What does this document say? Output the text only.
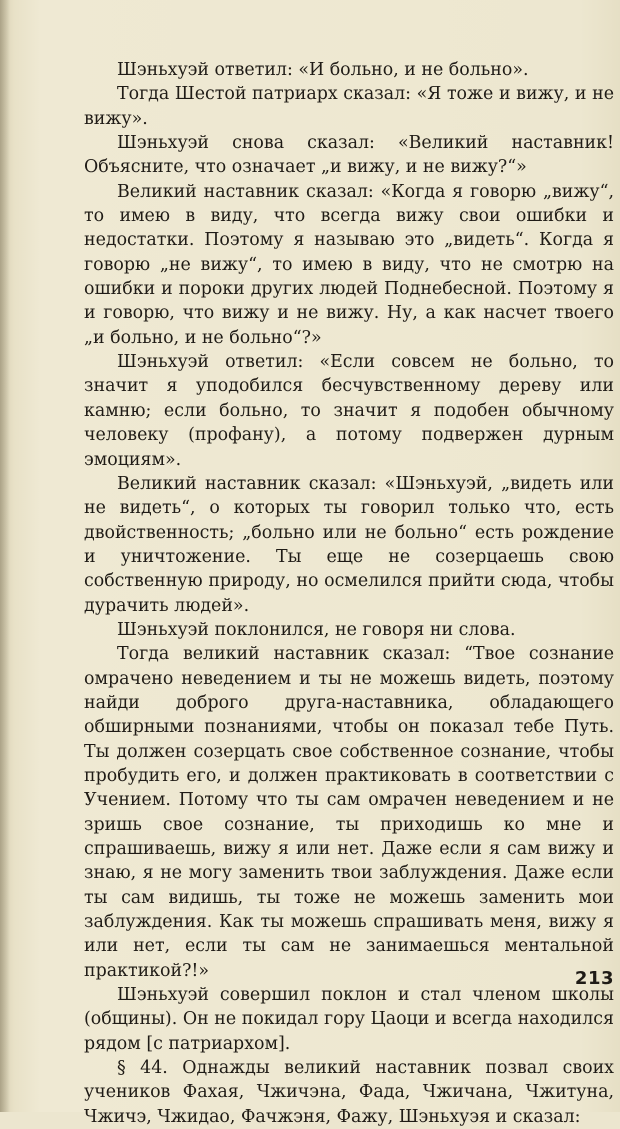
Шэньхуэй ответил: «И больно, и не больно».

Тогда Шестой патриарх сказал: «Я тоже и вижу, и не вижу».

Шэньхуэй снова сказал: «Великий наставник! Объясните, что означает „и вижу, и не вижу?“»

Великий наставник сказал: «Когда я говорю „вижу“, то имею в виду, что всегда вижу свои ошибки и недостатки. Поэтому я называю это „видеть“. Когда я говорю „не вижу“, то имею в виду, что не смотрю на ошибки и пороки других людей Поднебесной. Поэтому я и говорю, что вижу и не вижу. Ну, а как насчет твоего „и больно, и не больно“?»

Шэньхуэй ответил: «Если совсем не больно, то значит я уподобился бесчувственному дереву или камню; если больно, то значит я подобен обычному человеку (профану), а потому подвержен дурным эмоциям».

Великий наставник сказал: «Шэньхуэй, „видеть или не видеть“, о которых ты говорил только что, есть двойственность; „больно или не больно“ есть рождение и уничтожение. Ты еще не созерцаешь свою собственную природу, но осмелился прийти сюда, чтобы дурачить людей».

Шэньхуэй поклонился, не говоря ни слова.

Тогда великий наставник сказал: “Твое сознание омрачено неведением и ты не можешь видеть, поэтому найди доброго друга-наставника, обладающего обширными познаниями, чтобы он показал тебе Путь. Ты должен созерцать свое собственное сознание, чтобы пробудить его, и должен практиковать в соответствии с Учением. Потому что ты сам омрачен неведением и не зришь свое сознание, ты приходишь ко мне и спрашиваешь, вижу я или нет. Даже если я сам вижу и знаю, я не могу заменить твои заблуждения. Даже если ты сам видишь, ты тоже не можешь заменить мои заблуждения. Как ты можешь спрашивать меня, вижу я или нет, если ты сам не занимаешься ментальной практикой?!»

Шэньхуэй совершил поклон и стал членом школы (общины). Он не покидал гору Цаоци и всегда находился рядом [с патриархом].

§ 44. Однажды великий наставник позвал своих учеников Фахая, Чжичэна, Фада, Чжичана, Чжитуна, Чжичэ, Чжидао, Фачжэня, Фажу, Шэньхуэя и сказал:

213
